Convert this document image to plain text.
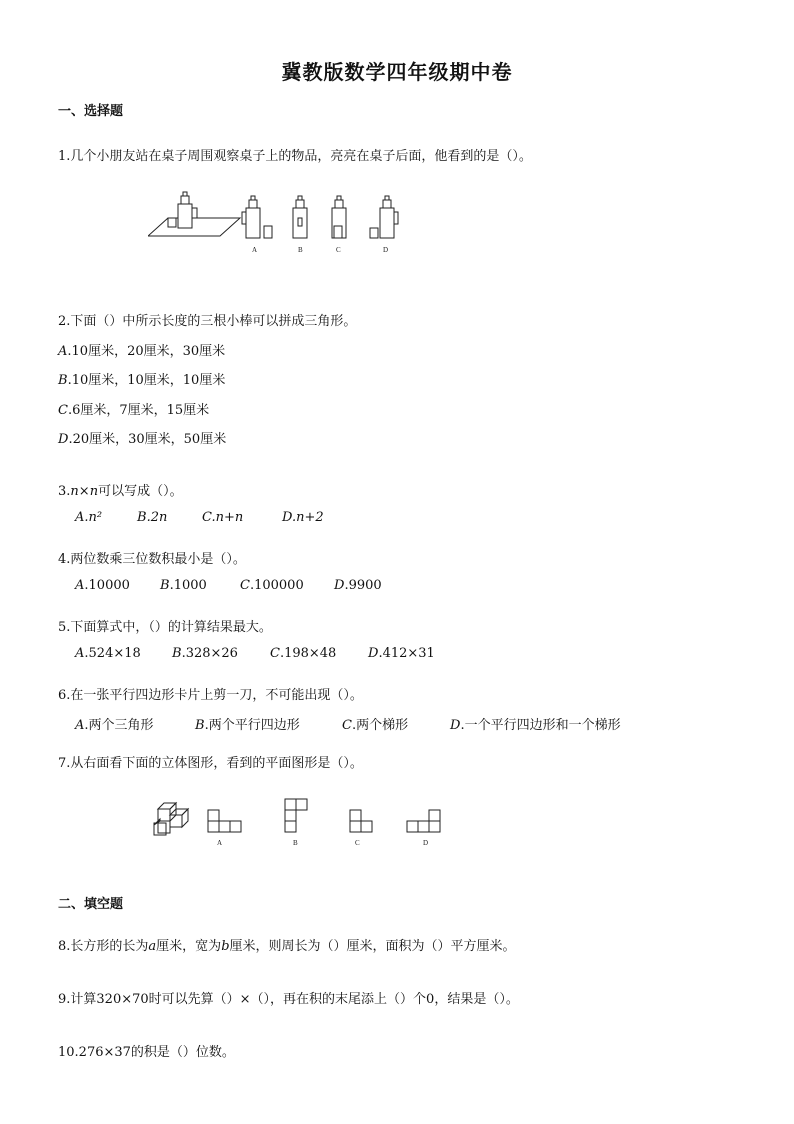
冀教版数学四年级期中卷
一、选择题
1.几个小朋友站在桌子周围观察桌子上的物品，亮亮在桌子后面，他看到的是（）。
A	B	C	D
2.下面（）中所示长度的三根小棒可以拼成三角形。
A.10厘米，20厘米，30厘米
B.10厘米，10厘米，10厘米
C.6厘米，7厘米，15厘米
D.20厘米，30厘米，50厘米
3.n×n可以写成（）。
A.n²	B.2n	C.n+n	D.n+2
4.两位数乘三位数积最小是（）。
A.10000 B.1000	C.100000 D.9900
5.下面算式中，（）的计算结果最大。
A.524×18 B.328×26 C.198×48 D.412×31
6.在一张平行四边形卡片上剪一刀，不可能出现（）。
A.两个三角形	B.两个平行四边形	C.两个梯形	D.一个平行四边形和一个梯形
7.从右面看下面的立体图形，看到的平面图形是（）。
A	B	C	D
二、填空题
8.长方形的长为a厘米，宽为b厘米，则周长为（）厘米，面积为（）平方厘米。
9.计算320×70时可以先算（）×（），再在积的末尾添上（）个0，结果是（）。
10.276×37的积是（）位数。
